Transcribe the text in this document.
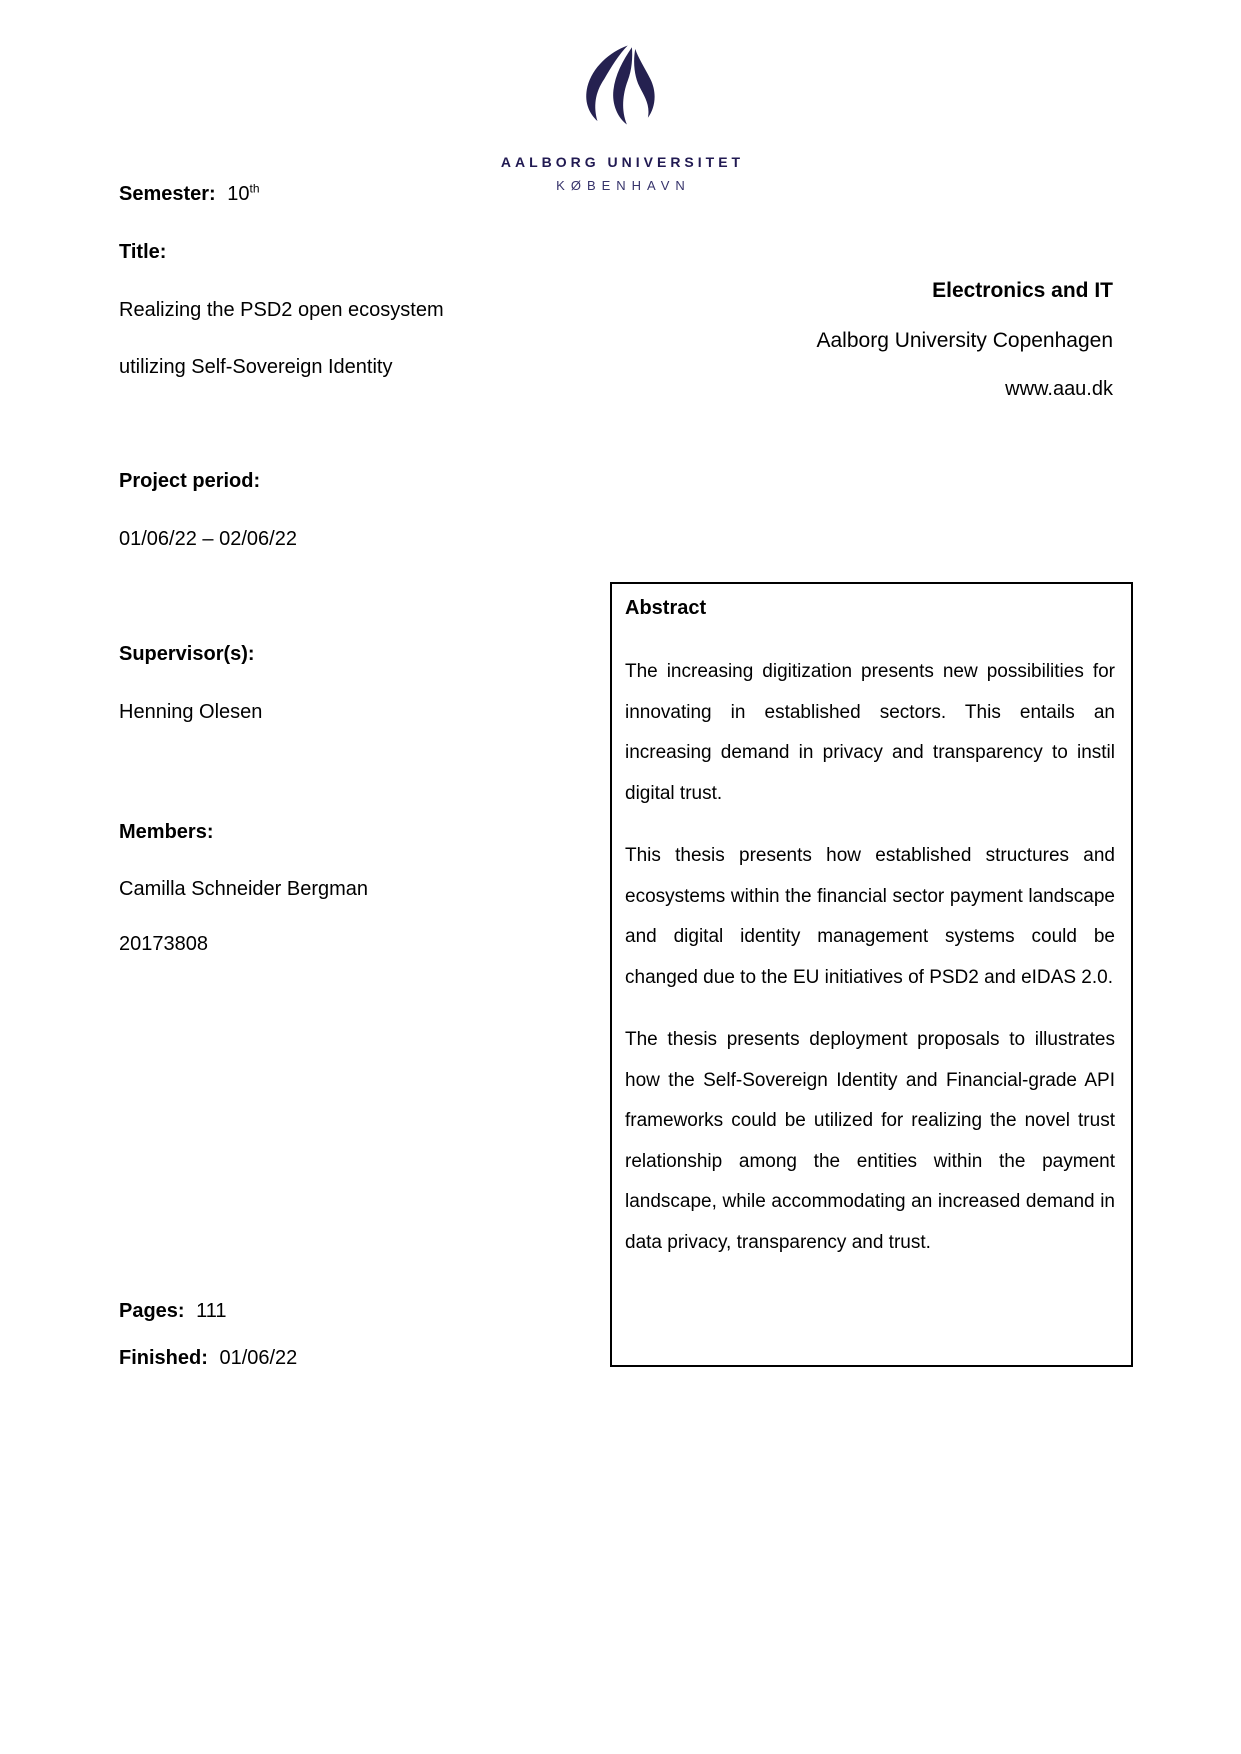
AALBORG UNIVERSITET
KØBENHAVN
Electronics and IT
Aalborg University Copenhagen
www.aau.dk
Semester: 10th
Title:
Realizing the PSD2 open ecosystem
utilizing Self-Sovereign Identity
Project period:
01/06/22 – 02/06/22
Supervisor(s):
Henning Olesen
Members:
Camilla Schneider Bergman
20173808
Pages: 111
Finished: 01/06/22
Abstract

The increasing digitization presents new possibilities for innovating in established sectors. This entails an increasing demand in privacy and transparency to instil digital trust.

This thesis presents how established structures and ecosystems within the financial sector payment landscape and digital identity management systems could be changed due to the EU initiatives of PSD2 and eIDAS 2.0.

The thesis presents deployment proposals to illustrates how the Self-Sovereign Identity and Financial-grade API frameworks could be utilized for realizing the novel trust relationship among the entities within the payment landscape, while accommodating an increased demand in data privacy, transparency and trust.
